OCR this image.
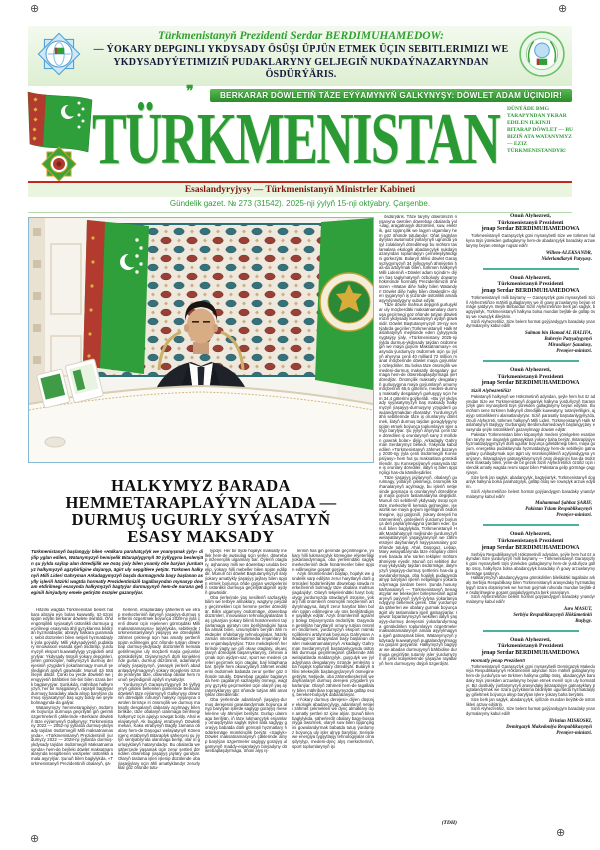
⊕	⊕
⊕	⊕
Türkmenistanyň Prezidenti Serdar BERDIMUHAMEDOW:
— ÝOKARY DEPGINLI YKDYSADY ÖSÜŞI ÜPJÜN ETMEK ÜÇIN SEBITLERIMIZI WE
YKDYSADYÝETIMIZIŇ PUDAKLARYNY GELJEGIŇ NUKDAÝNAZARYNDAN ÖSDÜRÝÄRIS.
❜❜	BERKARAR DÖWLETIŇ TÄZE EÝÝAMYNYŇ GALKYNYŞY: DÖWLET ADAM ÜÇINDIR!
TÜRKMENISTAN	DÜNÝÄDE BMG TARAPYNDAN YKRAR EDILEN ILKINJI BITARAP DÖWLET — BU BIZIŇ ATA WATANYMYZ — EZIZ TÜRKMENISTANDYR!
Esaslandyryjysy — Türkmenistanyň Ministrler Kabineti
Gündelik gazet. № 273 (31542). 2025-nji ýylyň 15-nji oktýabry. Çarşenbe.

HALKYMYZ BARADA

HEMMETARAPLAÝYN ALADA —

DURMUŞ UGURLY SYÝASATYŇ

ESASY MAKSADY

Türkmenistanyň başlangyjy bilen «Halkara parahatçylyk we ynanyşmak ýyly» diýlip yglan edilen, Watanymyzyň hemişelik Bitaraplygynyň 30 ýyllygyna beslenýän şu ýylda saýlap alan döredijilik we ösüş ýoly bilen ynamly öňe barýan ýurdumyz halkymyzyň agzybirligine daýanyp, ägirt uly sepgitlere ýetýär. Türkmen halkynyň Milli Lideri Gahryman Arkadagymyzyň başda durmagynda başy başlanan asylly işleriň häzirki wagtda hormatly Prezidentimiziň tagallasyndan mynasyp dowam etdirilmegi esasynda halkymyzyň bagtyýar durmuşynyň hem-de nurana geljeginiň binýadyny emele getirýän ösüşler gazanylýar.

Häzirki wagtda Türkmenistan belent halkara abraýa eýe bolan kuwwatly, öz-özüni üpjün edýän berkarar döwlete öwrüldi. Öňdengörüjilikli syýasatyň üstünlikli durmuşa geçirilmegi esasynda ähli gyzyklanma bildirýän hyzmatdaşlar, abraýly halkara guramalar, sebit düzümleri bilen netijeli hyzmatdaşlyk ýola goýuldy. Milli ykdysadyýetiň pudaklary innowasion esasda işjeň ösdürilip, ýurdumyzyň eksport kuwwatlylygy yzygiderli artdyrylýar. Ykdysady ösüşiň ýokary depginleri, ýeten görkezijiler, halkymyzyň durmuş derejesiniň yzygiderli ýokarlanmagy munuň şeýlediginiň aýdyň güwäsidir. Munuň özi tötänleýin däldir. Çünki bu ýerde döwletiň we jemgyýetiň bähbitleri biri-biri bilen özara berk baglanyşýar. Şunlukda, mähriban halkymyzyň, her bir maşgalanyň, raýatyň bagtyýar durmuşy baradaky alada alnyp barylýan durmuş syýasatynyň baş ugry boldy we şeýle bolmagynda-da galýar.

Watanymyzy hemmetaraplaýyn ösdürmek boýunça durmuşa geçirilýän giň gerimli özgertmeleriň çäklerinde «Berkarar döwletiň täze eýýamynyň Galkynyşy: Türkmenistany 2022 — 2052-nji ýyllarda durmuş-ykdysady taýdan ösdürmegiň Milli maksatnamasynda», «Türkmenistanyň Prezidentiniň ýurdumyzy 2022 — 2028-nji ýyllarda durmuş-ykdysady taýdan ösdürmegiň Maksatnamasynda» hem-de beýleki döwlet maksatnamalarynda kesgitlenen wezipeler üstünlikli amala aşyrylýar. Şunuň bilen baglylykda, «Türkmenistanyň Prezidentiniň obalaryň, şä-

herleriň, etraplardaky şäherleriň we etrap merkezleriniň ilatynyň ýaşaýyş-durmuş şertlerini özgertmek boýunça 2028-nji ýyla çenli döwür üçin rejelenen görnüşdäki Milli maksatnamasyna» laýyklykda, sebitlerde türkmenistanlylaryň ýaşaýyş we döredijilikli zähmet çekmegi üçin has amatly şertleriň üpjün edilmegini göz öňünde tutýan döwrebap durmuş-ykdysady düzümleriň kemala getirilmegine uly möçberli maýa goýumlar gönükdirilýär. Diýarymyzyň dürli künjeklerinde gurlan, durmuş düzüminiň, adamlaryň oňaýly ýaşaýşynyň, ýanaşyk ýerleriň abadanlaşdyrylmagynyň ýokary ölçeglerini özünde jemleýän täze, döwrebap obalar hem munuň şeýlediginiň aýdyň mysalydyr.

Ýurdumyzyň Garaşsyzlygynyň 34 ýyllygynyň giňden bellenilen günlerinde Berkarar döwletiň täze eýýamynyň Galkynyşy döwrüniň döredijilik ruhunyň hakyky nyşanyna öwrülen birnäçe iri önümçilik we durmuş maksatly desgalaryň dabaraly açylmagy bilen birlikde, täze obalaryň ulanmaga berilmegi halkymyz üçin ajaýyp sowgat boldy. Ahal welaýatynyň Ak bugdaý etrabynyň Döwletli mekan, Kaka etrabynyň Bagtly zamana obalary hem-de Daşoguz welaýatynyň Köneürgenç etrabynyň Bitaraplyk şäherçesi şu ýylyň sentýabrynda ulanmaga berlip, olar iri gurluşyklaryň hataryndadyr. Bu obalarda we şäherçede ýaşamak üçin zerur şertleri döredilen döwrebap ýaşaýyş jaýlary gurulýar. Olaryň taslama işleri işlenip düzülende oba ýaşaýjylary üçin ähli amatlyklandyr zerurlyklar göz öňünde tutu-

lypdyr. Her bir öýde hojalyk maksatly mellek hem-de awtoulag üçin ýerler, döwrebap inženerçilik ulgamlary bar. Öýleriň otaglary, aşhanasy milli we döwrebap usulda bezelip, ýokary hilli mebeller bilen üpjün edilipdir. Munuň özi döwlet Baştutanymyzyň ilaty ýokary amatlykly ýaşaýyş jaýlary bilen üpjün etmek boýunça öňde goýan wezipeleriniň üstünlikli durmuşa geçirilýändiginiň aýdyň güwäsidir.

Oba ýerlerinde ýaş nesilleriň sazlaşykly bilim we terbiýe almaklary, wagtyny peýdaly geçirmekleri üçin hemme şertler döredilýär. Bilim ulgamyny ösdürmäge, döwrebap düzümleri, innowasion tehnologiýalardan baş çykarýan ýokary bilimli hünärmenleri taýýarlamaga aýratyn üns berilýändigini hasaba almak bilen, umumybilim berýän ähli mekdepler öňdebaryjy tehnologiýalar, häzirki zaman interaktiw-multimedia enjamlary bilen enjamlaşdyrylýar. Täze mekdepleriň her birinde ýagty we giň okuw otaglary, okuwçylaryň döredijilik başarnyklaryny, zehinini açmak üçin aýdym-saz, sport we medeni çäreleri geçirmek üçin otaglar, baý kitaphana bar. Şeýle hem okuwçylaryň zähmet endiklerini ösdürmek babatda zerur şertler göz öňünde tutuldy. Döwrebap çagalar baglarynda hem çagalaryň sazlaşykly ösmegi, wagtyny gyzykly geçirmekleri üçin olaryň ýaş aýratynlyklaryny göz öňünde tutýan ähli amatlyklar döredilendir.

Oba ýerlerinde adamlaryň ýaşaýyş-durmuş derejesini gowulandyrmak boýunça alnyp barylýan işlerde saglygy goraýyş meselelerine uly ähmiýet berilýär. Gurlup ulanmaga berilýän, iň täze lukmançylyk enjamlary ornaşdyrylan saglyk öýleri ilata saglygy goraýyş babatda dürli görnüşli hyzmatlary hödürlemäge mümkinçilik berýär. «Saglyk» Döwlet maksatnamasynyň çäklerinde alnyp barylýan özgertmeler saglygy goraýyş ulgamynyň maddy-enjamlaýyn binýadyny döwrebaplaşdyrmaga, öňüni alyş iş-

leriniň has giň gerimde geçirilmegine, ýokary hilli lukmançylyk kömegine elýeterliligi ýokarlandyrmaga, oba ýerlerindäki saglyk merkezleriniň ökde hünärmenler bilen üpjün edilmegine goşant goşýar.

Azyk önümlerinden başlap, hojalyk we gündelik sarp edilýän zerur harytlaryň dürli görnüşleri hödürlenilýän döwrebap söwda merkezleriniň bolmagy täze obalara mahsus ýagdaýdyr. Olaryň tekjelerindäki haryt bolçulygy ýurdumyzda söwdanyň ösüşine, ýokary hilli önümleriň önümçilik möçberiniň artdyrylmagyna, ilatyň zerur harytlar bilen bolelin üpjün edilmegine uly üns berilýändigine şaýatlyk edýär. Azyk önümleriniň agramly bölegi Diýarymyzda öndürilýär. Daşyndan getirilýän harytlaryň ornuny tutýan önümleri öndürmek, ýurdumyzyň eksport mümkinçiliklerini artdyrmak boýunça Gahryman Arkadagymyz tarapyndan başy başlanan döwlet maksatnamalarynyň Arkadagly Gahryman Serdarymyzyň baştutanlygynda üstünlikli durmuşa geçirilmeginiň çäklerinde ähli welaýatlarda maldarçylyk, guşçulyk we ýyladyşhana desgalaryny özünde jemleýän oba hojalyk toplumlary döredilýär. Bularyň ählisi telekeçilik başlangyçlarynyň ösmegine getirýär. Netijede, oba zähmetkeşleriniň we daýhanlaryň durmuş derejesi yzygiderli ýokarlanýar. Olaryň zähmeti hem-de tagallalary bilen mähriban topragymyzda gülläp ösüş, bereket-bolçulyk dabaralanýar.

«Ýokary durmuş derejesi» diýen düşünje ekologik abadançylygy, adamlaryň netijeli zähmet çekmekleri we dynç almaklary üçin amatly şertleri öz içine alýar. Şunuň bilen baglylykda, şäherlerdir obalary bagy-bossanlyga öwürmek, olaryň suw bilen üpjünçiligini gowulandyrmak babatda tutuş ýurdumyz boýunça uly işler alnyp barylýar. Serişde we energiýa tygşytlaýjy tehnologiýalar ornaşdyrylyp, medeni-dynç alyş merkezleriniň, sport toplumlarynyň işi

ösdürýäris. Täze taryhy döwrümiziň nyşanyna öwrülen döwrebap obalarda ýol-ulag, aragatnaşyk düzümleri, suw, elektrik, gaz üpjünçilik we lagym ulgamlary hem göz öňünde tutulandyr. Oňat ýagtylandyrylan awtomobil ýollarynyň ugrunda ýaşyl zolaklaryň döredilmegi bu möhüm taslamalara ekologik abadançylyk nukdaýnazaryndan toplumlaýyn çemeleşilýändigini görkezýär. Bularyň ählisi döwlet Garaşsyzlygymyzyň 34 ýyllygynyň ähmiýetini has-da artdyrmak bilen, türkmen halkynyň Milli Lideriniň «Döwlet adam üçindir!» diýen baş taglymatynyň özboluşly dowamy hökmünde hormatly Prezidentimiziň öňe süren «Watan diňe halky bilen Watandyr! Döwlet diňe halky bilen döwletdir!» diýen şygarynyň iş ýüzünde üstünlikli amala aşyrylýandygyny subut edýär.

Täze döwre mahsus depginli gurluşyklar uly möçberdäki maksatnamalary durmuşa geçirmegi göz öňünde tutýan döwletimiziň ykdysady kuwwatynyň aýdyň güwäsidir. Döwlet Baştutanymyzyň 19-njy sentýabrda geçirilen Türkmenistanyň Halk Maslahatynyň mejlisinde eden çykyşynda nygtaýşy ýaly, «Türkmenistany 2025-nji ýylda durmuş-ykdysady taýdan ösdürmegiň we maýa goýum Maksatnamasy» esasynda ýurdumyzy ösdürmek üçin şu ýylyň ahyryna çenli 40 milliard 72 million manat möçberinde döwlet maýa goýumlary özleşdiriler. Bu bolsa täze önümçilik we medeni-durmuş maksatly desgalary gurmaga hem-de döwrebaplaşdyrmaga şert döredýär. Önümçilik maksatly desgalaryň gurluşygyna maýa goýumlaryň umumy möçberiniň 65,6 göterimi, medeni-durmuş maksatly desgalaryň gurluşygy üçin hem 34,4 göterimi goýberildi. «Bu ýyl ykdysady syýasatymyzyň baş maksady halkymyzyň ýaşaýyş-durmuşyny yzygiderli gowulandyrmakdan ybaratdyr. Ýurdumyzyň ähli sebitlerinde täze iş orunlaryny döretmek, ilatyň durmuş taýdan goraglylygyny üpjün etmek boýunça toplumlaýyn işler alnyp barylýar. Şu ýylyň ahyryna çenli täze döredilen iş orunlarynyň sany 3 müňden gowrak bolar» diýip, Arkadagly Gahryman Serdarymyz belledi. Ýakynda kabul edilen «Türkmenistanyň zähmet bazaryny 2030-njy ýyla çenli ösdürmegiň Konsepsiýasy» hem hut şu maksatlara gönükdirilendir. Şu Konsepsiýanyň esasynda täze iş orunlary dörediler, ilatyň iş bilen üpjünçiligi has-da kämilleşdiriler.

Täze ýaşaýyş jaýlarynyň, obalaryň gurulmagy, ýollaryň çekilmegi, önümçilik kärhanalarynyň açylmagy, bu işleriň netijesinde goşmaça iş orunlarynyň döredilmegi maýa goýum taslamalaryna degişlidir. Munuň özi sebitleriň ykdysady ösüşi üçin täze merkezleriň kemala gelmegine, işewürlik we maýa goýum işjeňliginiň ösdürilmegine, işçi güýjüniň, ýokary derejeli hünärmenleriň, girdejileriň ýurdumyz boýunça deň paýlanylmagyna ýardam eder. Şunuň bilen baglylykda, Türkmenistanyň Halk Maslahatynyň mejlisinde ýurdumyzyň welaýatlarynyň ýaşaýjylarynyň we zähmetsöýer daýhanlaryň haýyşnamalary göz öňünde tutulyp, Ahal, Daşoguz, Lebap, Mary welaýatlarynda täze etraplary döretmek barada öňe sürlen teklipler möhüm ähmiýete eýedir. Munuň özi sebitleri durmuş-ykdysady taýdan ösdürmäge, ilatymyzyň ýaşaýyş-durmuş şertlerini has-da gowulandyrmaga, oba hojalyk pudagynda alnyp barylýan işleriň netijeliligini ýokarlandyrmaga ýardam berer. Şunda hususy kärhanalaryň — Türkmenistanyň Senagatçylar we telekeçiler birleşmesiniň agzalarynyň paýynyň ýylyň-ýylyna ýokarlanýandygyny bellemek gerek. Olar ýurdumyzda şäherleri we obalary gurmak boýunça ägirt uly taslamalara işjeň gatnaşýarlar. Işewür toparlarymyzyň wekilleri ilatyň ýaşaýyş-durmuş derejesini ýokarlandyrmaga gönükdirilen toplumlaýyn özgertmeler maksatnamalarynyň amala aşyrylmagyna işjeň gatnaşmak bilen, Watanymyzyň ykdysady kuwwatynyň pugtalandyrylmagyna goşant goşýarlar. Halkymyzyň bagtyýar we abadan durmuşynyň bähbidine durmuşa geçirilýän tutumly işler ýurdumyzyň iň çetki künjeklerinde ýaşaýan raýatlaryň hem durmuşyny düýpli özgerdýär.

(TDH)
Onuň Alyhezreti,
Türkmenistanyň Prezidenti
jenap Serdar BERDIMUHAMEDOWA

Türkmenistanyň Garaşsyzlyk güni mynasybetli Size we türkmen halkyna tüýs ýürekden gutlaglarymy hem-de abadançylyk baradaky arzuwlarymy beýan etmäge rugsat ediň!

Willem-ALEKSANDR,
Niderlandlaryň Patyşasy.
Onuň Alyhezreti,
Türkmenistanyň Prezidenti
jenap Serdar BERDIMUHAMEDOWA

Türkmenistanyň milli baýramy — Garaşsyzlyk güni mynasybetli Siziň Alyhezretiňize mähirli gutlaglarymy we iň gowy arzuwlarymy beýan etmäge şatdyryn. Beýik Biribardan Siziň Alyhezretiňize berk jan saglyk, bagtyýarlyk, Türkmenistanyň halkyna bolsa mundan beýläk-de gülläp ösüş we rowaçlyk dileýärin.

Siziň Alyhezretiňiz, Size belent hormat goýýandygym baradaky ynandyrmalarymy kabul ediň!

Salman bin Hamad AL HALIFA,
Bahreýn Patyşalygynyň
Mirasdüşer Şazadasy,
Premýer-ministri.
Onuň Alyhezreti,
Türkmenistanyň Prezidenti
jenap Serdar BERDIMUHAMEDOWA
Siziň Alyhezretiňiz!

Pakistanyň halkynyň we Hökümetiniň adyndan, şeýle hem hut öz adymdan Size we Türkmenistanyň doganlyk halkyna ýurduňyzyň Garaşsyzlyk güni mynasybetli tüýs ýürekden gutlaglarymy beýan edýärin. Bu möhüm sene türkmen halkynyň döredijilik kuwwatyny, tutanýerliligini, ajaýyp üstünliklerini alamatlandyrýar. Siziň parasatly baştutanlygyňyzda, Onuň Alyhezreti, türkmen halkynyň Milli Lideri, Türkmenistanyň Halk Maslahatynyň Başlygy Gurbanguly Berdimuhamedowyň başlangyçlary esasynda şeýle üstünlikleriň gazanylmagy dowam edýär.

Pakistan Türkmenistan bilen köpasyrlyk medeni ýörelgelere esaslanýan taryhy we doganlyk gatnaşyklara ýokary baha berýär. Ikitaraplaýyn hyzmatdaşlygymyzyň dürli ugurlar boýunça giňeldilmegi bilen, maýa goýum, energetika pudaklarynda hyzmatdaşlygy hem-de sebitleýin gatnaşyklary çuňlaşdyrmak üçin ägirt uly mümkinçilikleriň açylýandygyna ynanýaryn. Ikitaraplaýyn gatnaşyklarymyzyň ösüş depginini has-da ösdürmek maksady bilen, ýene-de bir gezek Siziň Alyhezretiňizi özüňiz üçin islendik amatly wagtda resmi sapar bilen Pakistana gelip görmäge çagyrýaryn.

Size berk jan saglyk, abadançylyk, bagtyýarlyk, Türkmenistanyň doganlyk halkyna bolsa parahatçylyk, gülläp ösüş we rowaçlyk arzuw edýärin.

Siziň Alyhezretiňize belent hormat goýýandygym baradaky ynandyrmalarymy kabul ediň!

Muhammad Şahbaz ŞARIF,
Pakistan Yslam Respublikasynyň
Premýer-ministri.
Onuň Alyhezreti,
Türkmenistanyň Prezidenti
jenap Serdar BERDIMUHAMEDOWA

Serbiýa Respublikasynyň Hökümetiniň adyndan, şeýle hem hut öz adymdan Size ýurduňyzyň milli baýramy — Türkmenistanyň Garaşsyzlyk güni mynasybetli tüýs ýürekden gutlaglarymy hem-de ýurduňyza gülläp ösüş, halkyňyza bolsa abadançylyk baradaky iň gowy arzuwlarymy bermäge şatdyryn.

Halklarymyzyň abadançylygyna gönükdirilen bilelikdäki tagallalar arkaly Serbiýa Respublikasy bilen Türkmenistanyň arasyndaky hyzmatdaşlygyň özara düşünişmek we hormat goýmak ruhunda mundan beýläk-de ösdürilmegine goşant goşjakdygymyza berk ynanýaryn.

Siziň Alyhezretiňize belent hormat goýýandygym baradaky ynandyrmalarymy kabul ediň!

Juro MASUT,
Serbiýa Respublikasynyň Hökümetiniň
Başlygy.
Onuň Alyhezreti,
Türkmenistanyň Prezidenti
jenap Serdar BERDIMUHAMEDOWA
Hormatly jenap Prezident!

Türkmenistanyň Garaşsyzlyk güni mynasybetli Demirgazyk Makedoniýa Respublikasynyň Hökümetiniň adyndan Size mähirli gutlaglarymy hem-de ýurduňyza we türkmen halkyna gülläp ösüş, abadançylyk baradaky tüýs ýürekden arzuwlarymy beýan etmek meniň üçin uly hormatdyr. Biz dostlukly ýurtlarymyzyň arasyndaky ikitaraplaýyn gatnaşyklary pugtalandyrmak we özara gyzyklanma bildirilýän ugurlarda hyzmatdaşlygy giňeltmek boýunça alnyp barylýan işlere ýokary baha berýäris.

Size berk jan saglyk, abadançylyk, işiňizde mundan beýläk-de üstünlikleri arzuw edýärin.

Siziň Alyhezretiňiz, Size belent hormat goýýandygym baradaky ynandyrmalarymy kabul ediň!

Hristian MISKOSKI,
Demirgazyk Makedoniýa Respublikasynyň
Premýer-ministri.
